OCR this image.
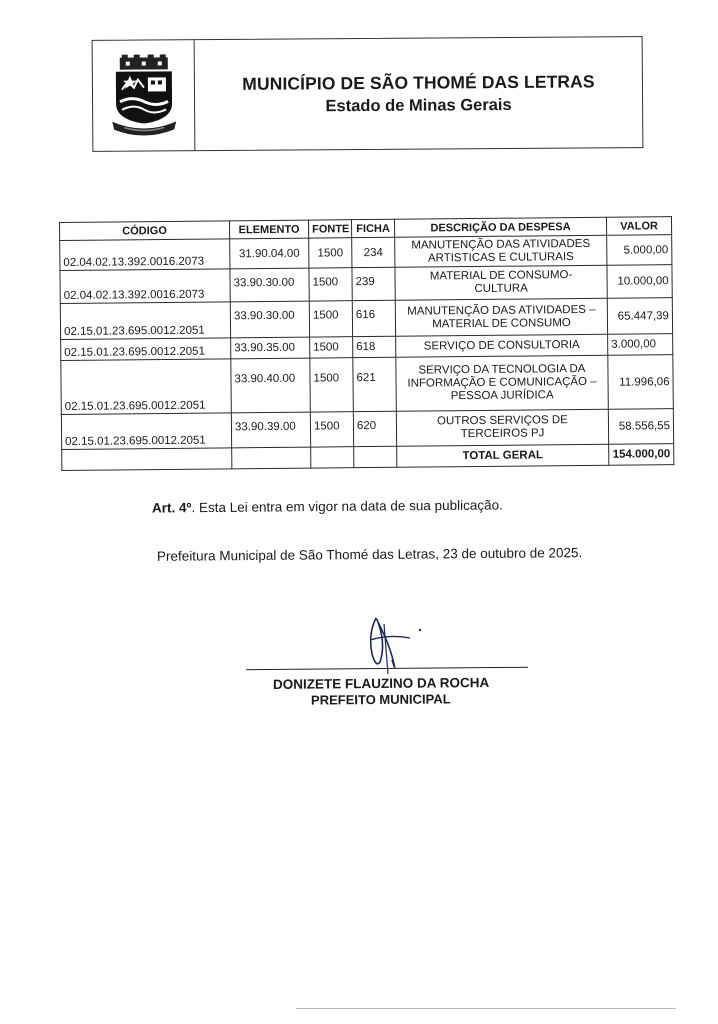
MUNICÍPIO DE SÃO THOMÉ DAS LETRAS
Estado de Minas Gerais
CÓDIGO	ELEMENTO	FONTE	FICHA	DESCRIÇÃO DA DESPESA	VALOR
02.04.02.13.392.0016.2073	31.90.04.00	1500	234	MANUTENÇÃO DAS ATIVIDADES ARTISTICAS E CULTURAIS	5.000,00
02.04.02.13.392.0016.2073	33.90.30.00	1500	239	MATERIAL DE CONSUMO-CULTURA	10.000,00
02.15.01.23.695.0012.2051	33.90.30.00	1500	616	MANUTENÇÃO DAS ATIVIDADES – MATERIAL DE CONSUMO	65.447,39
02.15.01.23.695.0012.2051	33.90.35.00	1500	618	SERVIÇO DE CONSULTORIA	3.000,00
02.15.01.23.695.0012.2051	33.90.40.00	1500	621	SERVIÇO DA TECNOLOGIA DA INFORMAÇÃO E COMUNICAÇÃO – PESSOA JURÍDICA	11.996,06
02.15.01.23.695.0012.2051	33.90.39.00	1500	620	OUTROS SERVIÇOS DE TERCEIROS PJ	58.556,55
				TOTAL GERAL	154.000,00
Art. 4º. Esta Lei entra em vigor na data de sua publicação.
Prefeitura Municipal de São Thomé das Letras, 23 de outubro de 2025.
DONIZETE FLAUZINO DA ROCHA
PREFEITO MUNICIPAL
